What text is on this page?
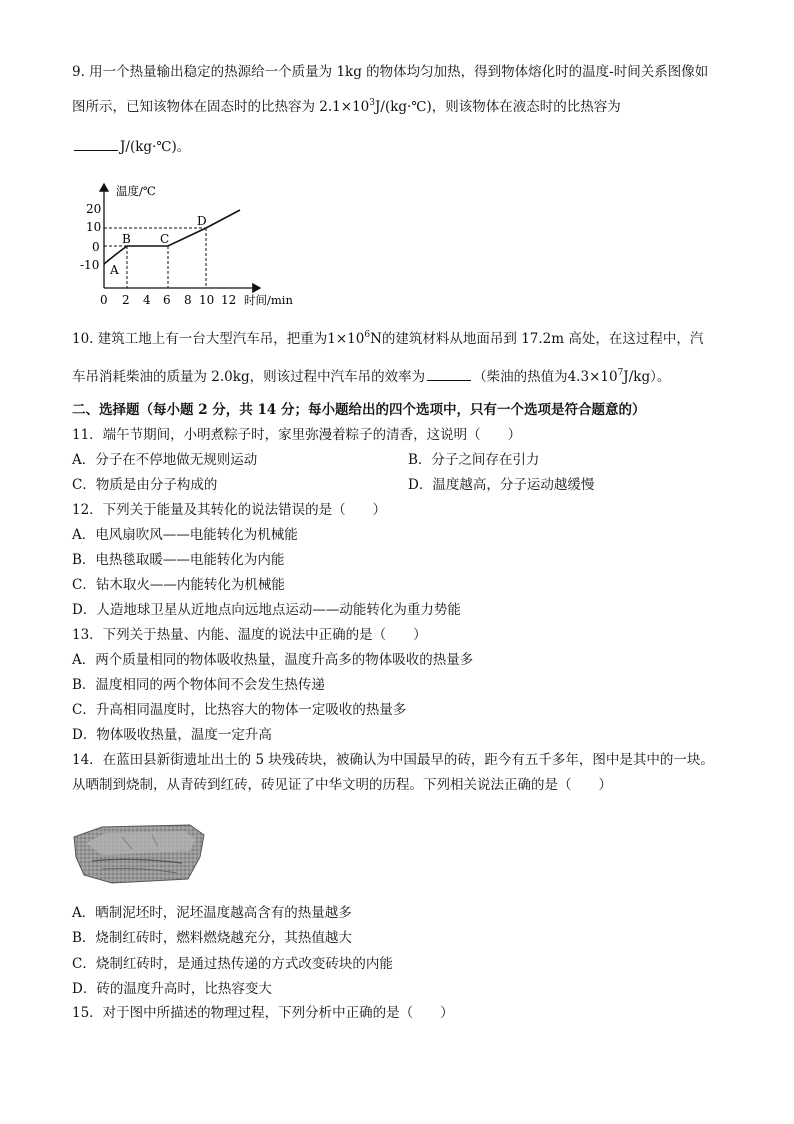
9. 用一个热量输出稳定的热源给一个质量为 1kg 的物体均匀加热，得到物体熔化时的温度-时间关系图像如
图所示，已知该物体在固态时的比热容为 $2.1\times 10^3J/(kg\cdot℃)$，则该物体在液态时的比热容为
J/(kg·℃)。
温度/℃
时间/min
20
10
0
-10
0 2 4 6 8 10 12
A
B C
D
10. 建筑工地上有一台大型汽车吊，把重为$1\times 10^6N$的建筑材料从地面吊到 17.2m 高处，在这过程中，汽
车吊消耗柴油的质量为 2.0kg，则该过程中汽车吊的效率为	（柴油的热值为$4.3\times 10^7J/kg$）。
二、选择题（每小题 2 分，共 14 分；每小题给出的四个选项中，只有一个选项是符合题意的）
11．端午节期间，小明煮粽子时，家里弥漫着粽子的清香，这说明（　　）
A．分子在不停地做无规则运动	B．分子之间存在引力
C．物质是由分子构成的	D．温度越高，分子运动越缓慢
12．下列关于能量及其转化的说法错误的是（　　）
A．电风扇吹风——电能转化为机械能
B．电热毯取暖——电能转化为内能
C．钻木取火——内能转化为机械能
D．人造地球卫星从近地点向远地点运动——动能转化为重力势能
13．下列关于热量、内能、温度的说法中正确的是（　　）
A．两个质量相同的物体吸收热量，温度升高多的物体吸收的热量多
B．温度相同的两个物体间不会发生热传递
C．升高相同温度时，比热容大的物体一定吸收的热量多
D．物体吸收热量，温度一定升高
14．在蓝田县新街遗址出土的 5 块残砖块，被确认为中国最早的砖，距今有五千多年，图中是其中的一块。
从晒制到烧制，从青砖到红砖，砖见证了中华文明的历程。下列相关说法正确的是（　　）
A．晒制泥坯时，泥坯温度越高含有的热量越多
B．烧制红砖时，燃料燃烧越充分，其热值越大
C．烧制红砖时，是通过热传递的方式改变砖块的内能
D．砖的温度升高时，比热容变大
15．对于图中所描述的物理过程，下列分析中正确的是（　　）
